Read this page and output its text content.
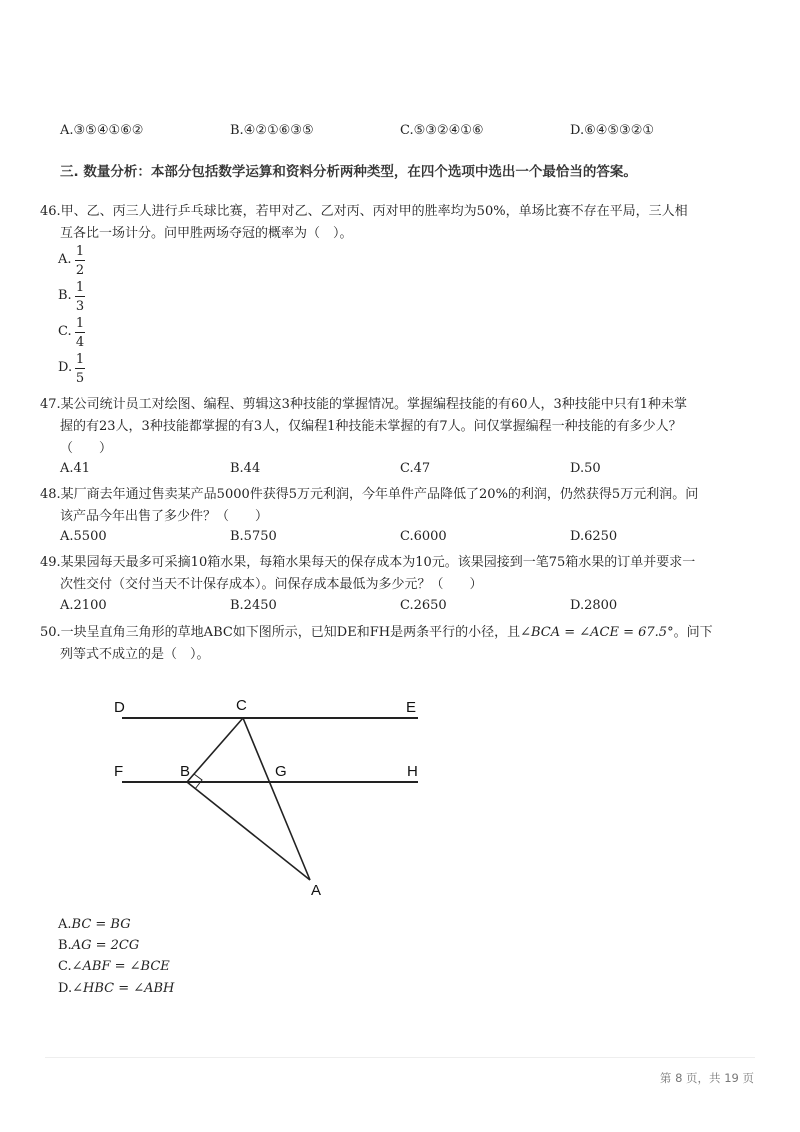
A.③⑤④①⑥②	B.④②①⑥③⑤	C.⑤③②④①⑥	D.⑥④⑤③②①
三. 数量分析：本部分包括数学运算和资料分析两种类型，在四个选项中选出一个最恰当的答案。
46.甲、乙、丙三人进行乒乓球比赛，若甲对乙、乙对丙、丙对甲的胜率均为50%，单场比赛不存在平局，三人相
互各比一场计分。问甲胜两场夺冠的概率为（　）。
A.
1
2
B.
1
3
C.
1
4
D.
1
5
47.某公司统计员工对绘图、编程、剪辑这3种技能的掌握情况。掌握编程技能的有60人，3种技能中只有1种未掌
握的有23人，3种技能都掌握的有3人，仅编程1种技能未掌握的有7人。问仅掌握编程一种技能的有多少人？
（　　）
A.41	B.44	C.47	D.50
48.某厂商去年通过售卖某产品5000件获得5万元利润，今年单件产品降低了20%的利润，仍然获得5万元利润。问
该产品今年出售了多少件？（　　）
A.5500	B.5750	C.6000	D.6250
49.某果园每天最多可采摘10箱水果，每箱水果每天的保存成本为10元。该果园接到一笔75箱水果的订单并要求一
次性交付（交付当天不计保存成本）。问保存成本最低为多少元？（　　）
A.2100	B.2450	C.2650	D.2800
50.一块呈直角三角形的草地ABC如下图所示，已知DE和FH是两条平行的小径，且∠BCA = ∠ACE = 67.5°。问下
列等式不成立的是（　）。
D	C	E
F	B	G	H
A
A.BC = BG
B.AG = 2CG
C.∠ABF = ∠BCE
D.∠HBC = ∠ABH
第 8 页，共 19 页
